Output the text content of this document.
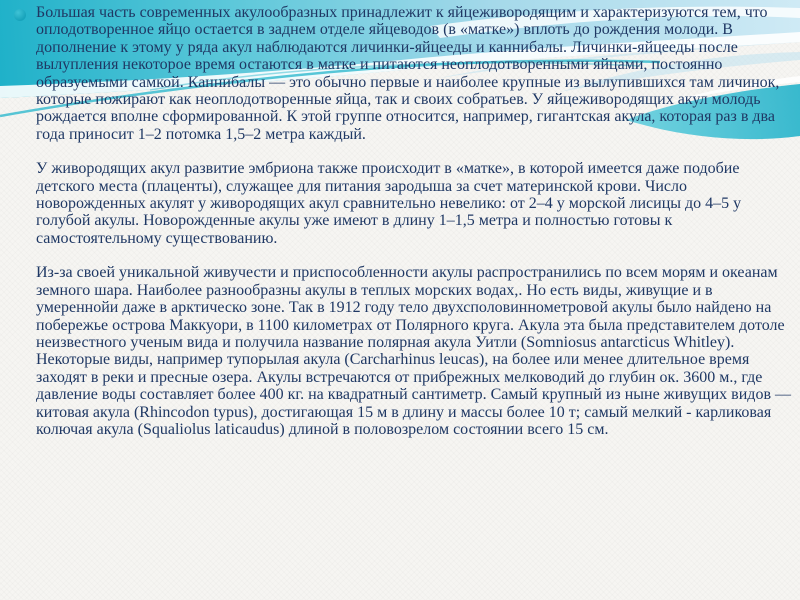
Большая часть современных акулообразных принадлежит к яйцеживородящим и характеризуются тем, что оплодотворенное яйцо остается в заднем отделе яйцеводов (в «матке») вплоть до рождения молоди. В дополнение к этому у ряда акул наблюдаются личинки-яйцееды и каннибалы. Личинки-яйцееды после вылупления некоторое время остаются в матке и питаются неоплодотворенными яйцами, постоянно образуемыми самкой. Каннибалы — это обычно первые и наиболее крупные из вылупившихся там личинок, которые пожирают как неоплодотворенные яйца, так и своих собратьев. У яйцеживородящих акул молодь рождается вполне сформированной. К этой группе относится, например, гигантская акула, которая раз в два года приносит 1–2 потомка 1,5–2 метра каждый.

У живородящих акул развитие эмбриона также происходит в «матке», в которой имеется даже подобие детского места (плаценты), служащее для питания зародыша за счет материнской крови. Число новорожденных акулят у живородящих акул сравнительно невелико: от 2–4 у морской лисицы до 4–5 у голубой акулы. Новорожденные акулы уже имеют в длину 1–1,5 метра и полностью готовы к самостоятельному существованию.

Из-за своей уникальной живучести и приспособленности акулы распространились по всем морям и океанам земного шара. Наиболее разнообразны акулы в теплых морских водах,. Но есть виды, живущие и в умереннойи даже в арктическо зоне. Так в 1912 году тело двухсполовиннометровой акулы было найдено на побережье острова Маккуори, в 1100 километрах от Полярного круга. Акула эта была представителем дотоле неизвестного ученым вида и получила название полярная акула Уитли (Somniosus antarcticus Whitley). Некоторые виды, например тупорылая акула (Carcharhinus leucas), на более или менее длительное время заходят в реки и пресные озера. Акулы встречаются от прибрежных мелководий до глубин ок. 3600 м., где давление воды составляет более 400 кг. на квадратный сантиметр. Самый крупный из ныне живущих видов — китовая акула (Rhincodon typus), достигающая 15 м в длину и массы более 10 т; самый мелкий - карликовая колючая акула (Squaliolus laticaudus) длиной в половозрелом состоянии всего 15 см.
